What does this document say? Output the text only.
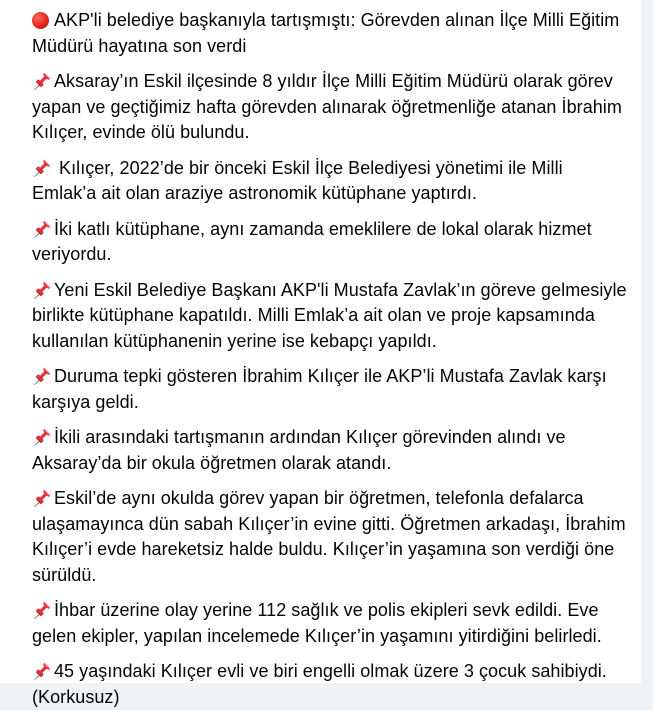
AKP'li belediye başkanıyla tartışmıştı: Görevden alınan İlçe Milli Eğitim Müdürü hayatına son verdi
Aksaray’ın Eskil ilçesinde 8 yıldır İlçe Milli Eğitim Müdürü olarak görev yapan ve geçtiğimiz hafta görevden alınarak öğretmenliğe atanan İbrahim Kılıçer, evinde ölü bulundu.
Kılıçer, 2022’de bir önceki Eskil İlçe Belediyesi yönetimi ile Milli Emlak’a ait olan araziye astronomik kütüphane yaptırdı.
İki katlı kütüphane, aynı zamanda emeklilere de lokal olarak hizmet veriyordu.
Yeni Eskil Belediye Başkanı AKP'li Mustafa Zavlak’ın göreve gelmesiyle birlikte kütüphane kapatıldı. Milli Emlak’a ait olan ve proje kapsamında kullanılan kütüphanenin yerine ise kebapçı yapıldı.
Duruma tepki gösteren İbrahim Kılıçer ile AKP’li Mustafa Zavlak karşı karşıya geldi.
İkili arasındaki tartışmanın ardından Kılıçer görevinden alındı ve Aksaray’da bir okula öğretmen olarak atandı.
Eskil’de aynı okulda görev yapan bir öğretmen, telefonla defalarca ulaşamayınca dün sabah Kılıçer’in evine gitti. Öğretmen arkadaşı, İbrahim Kılıçer’i evde hareketsiz halde buldu. Kılıçer’in yaşamına son verdiği öne sürüldü.
İhbar üzerine olay yerine 112 sağlık ve polis ekipleri sevk edildi. Eve gelen ekipler, yapılan incelemede Kılıçer’in yaşamını yitirdiğini belirledi.
45 yaşındaki Kılıçer evli ve biri engelli olmak üzere 3 çocuk sahibiydi. (Korkusuz)
